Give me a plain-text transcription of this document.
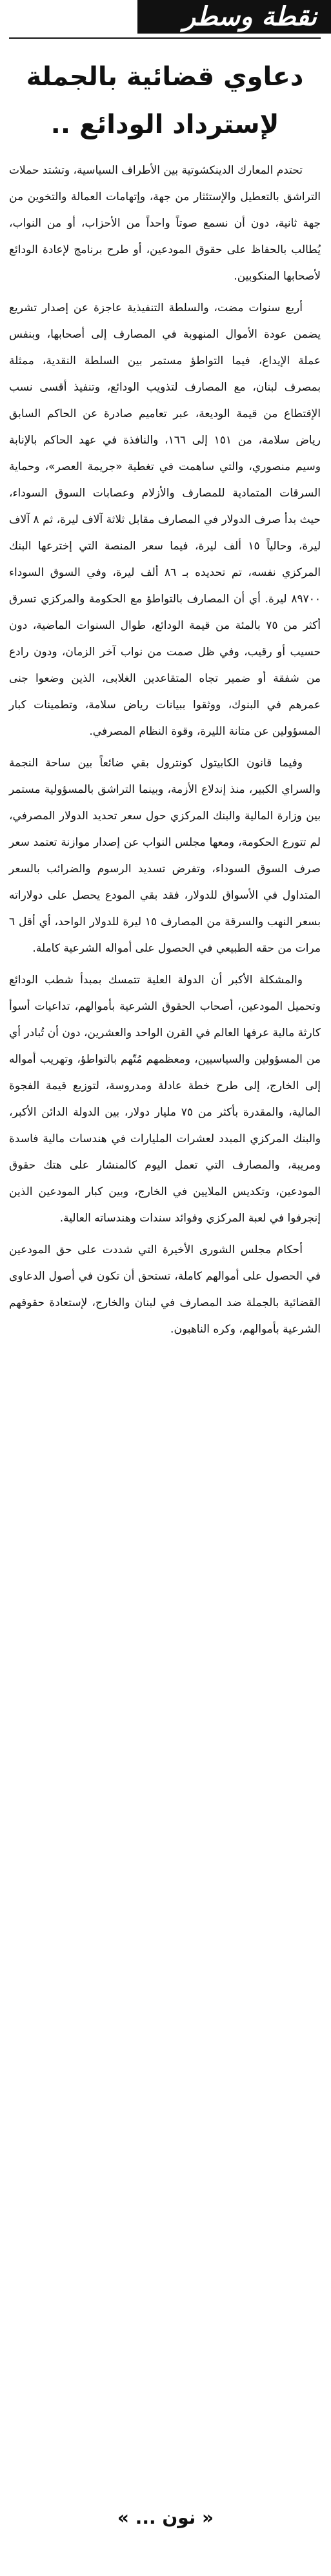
نقطة وسطر
دعاوي قضائية بالجملة
لإسترداد الودائع ..

تحتدم المعارك الدينكشوتية بين الأطراف السياسية، وتشتد حملات التراشق بالتعطيل والإستئثار من جهة، وإتهامات العمالة والتخوين من جهة ثانية، دون أن نسمع صوتاً واحداً من الأحزاب، أو من النواب، يُطالب بالحفاظ على حقوق المودعين، أو طرح برنامج لإعادة الودائع لأصحابها المنكوبين.

أربع سنوات مضت، والسلطة التنفيذية عاجزة عن إصدار تشريع يضمن عودة الأموال المنهوبة في المصارف إلى أصحابها، وبنفس عملة الإيداع، فيما التواطؤ مستمر بين السلطة النقدية، ممثلة بمصرف لبنان، مع المصارف لتذويب الودائع، وتنفيذ أقسى نسب الإقتطاع من قيمة الوديعة، عبر تعاميم صادرة عن الحاكم السابق رياض سلامة، من ١٥١ إلى ١٦٦، والنافذة في عهد الحاكم بالإنابة وسيم منصوري، والتي ساهمت في تغطية «جريمة العصر»، وحماية السرقات المتمادية للمصارف والأزلام وعصابات السوق السوداء، حيث بدأ صرف الدولار في المصارف مقابل ثلاثة آلاف ليرة، ثم ٨ آلاف ليرة، وحالياً ١٥ ألف ليرة، فيما سعر المنصة التي إخترعها البنك المركزي نفسه، تم تحديده بـ ٨٦ ألف ليرة، وفي السوق السوداء ٨٩٧٠٠ ليرة. أي أن المصارف بالتواطؤ مع الحكومة والمركزي تسرق أكثر من ٧٥ بالمئة من قيمة الودائع، طوال السنوات الماضية، دون حسيب أو رقيب، وفي ظل صمت من نواب آخر الزمان، ودون رادع من شفقة أو ضمير تجاه المتقاعدين الغلابى، الذين وضعوا جنى عمرهم في البنوك، ووثقوا ببيانات رياض سلامة، وتطمينات كبار المسؤولين عن متانة الليرة، وقوة النظام المصرفي.

وفيما قانون الكابيتول كونترول بقي ضائعاً بين ساحة النجمة والسراي الكبير، منذ إندلاع الأزمة، وبينما التراشق بالمسؤولية مستمر بين وزارة المالية والبنك المركزي حول سعر تحديد الدولار المصرفي، لم تتورع الحكومة، ومعها مجلس النواب عن إصدار موازنة تعتمد سعر صرف السوق السوداء، وتفرض تسديد الرسوم والضرائب بالسعر المتداول في الأسواق للدولار، فقد بقي المودع يحصل على دولاراته بسعر النهب والسرقة من المصارف ١٥ ليرة للدولار الواحد، أي أقل ٦ مرات من حقه الطبيعي في الحصول على أمواله الشرعية كاملة.

والمشكلة الأكبر أن الدولة العلية تتمسك بمبدأ شطب الودائع وتحميل المودعين، أصحاب الحقوق الشرعية بأموالهم، تداعيات أسوأ كارثة مالية عرفها العالم في القرن الواحد والعشرين، دون أن تُبادر أي من المسؤولين والسياسيين، ومعظمهم مُتّهم بالتواطؤ، وتهريب أمواله إلى الخارج، إلى طرح خطة عادلة ومدروسة، لتوزيع قيمة الفجوة المالية، والمقدرة بأكثر من ٧٥ مليار دولار، بين الدولة الدائن الأكبر، والبنك المركزي المبدد لعشرات المليارات في هندسات مالية فاسدة ومريبة، والمصارف التي تعمل اليوم كالمنشار على هتك حقوق المودعين، وتكديس الملايين في الخارج، وبين كبار المودعين الذين إنجرفوا في لعبة المركزي وفوائد سندات وهندساته العالية.

أحكام مجلس الشورى الأخيرة التي شددت على حق المودعين في الحصول على أموالهم كاملة، تستحق أن تكون في أصول الدعاوى القضائية بالجملة ضد المصارف في لبنان والخارج، لإستعادة حقوقهم الشرعية بأموالهم، وكره الناهبون.

« نون ... »
